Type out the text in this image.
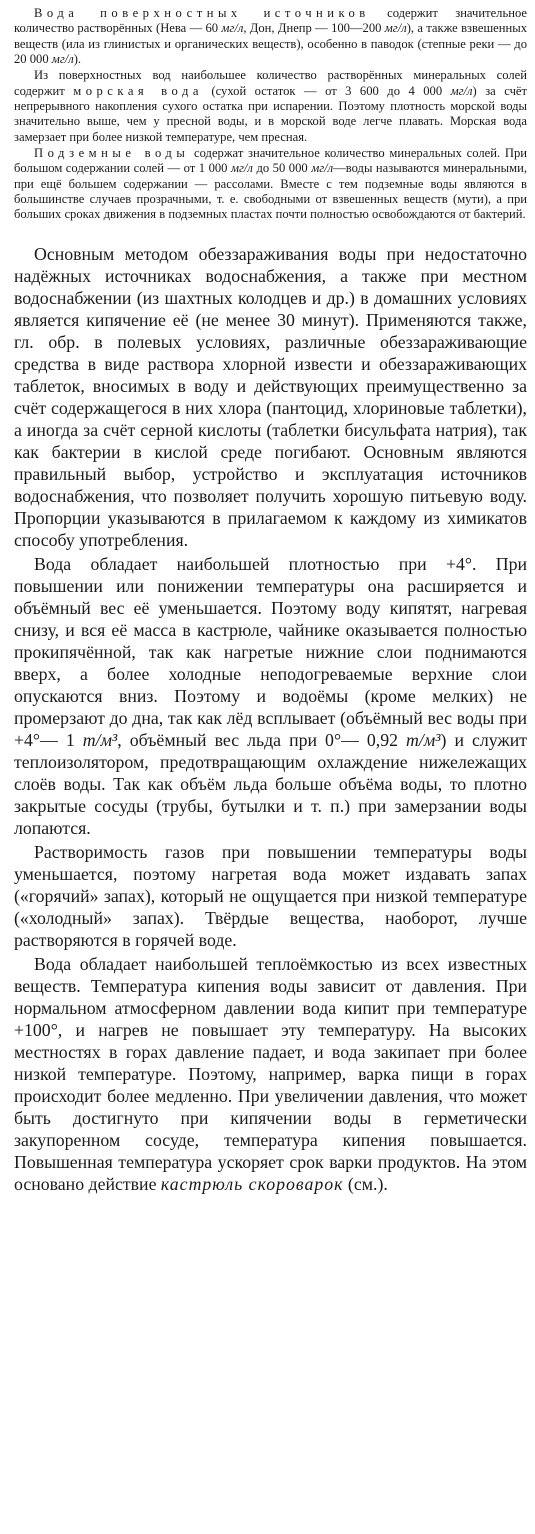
Вода поверхностных источников содержит значительное количество растворённых (Нева — 60 мг/л, Дон, Днепр — 100—200 мг/л), а также взвешенных веществ (ила из глинистых и органических веществ), особенно в паводок (степные реки — до 20 000 мг/л).

Из поверхностных вод наибольшее количество растворённых минеральных солей содержит морская вода (сухой остаток — от 3 600 до 4 000 мг/л) за счёт непрерывного накопления сухого остатка при испарении. Поэтому плотность морской воды значительно выше, чем у пресной воды, и в морской воде легче плавать. Морская вода замерзает при более низкой температуре, чем пресная.

Подземные воды содержат значительное количество минеральных солей. При большом содержании солей — от 1 000 мг/л до 50 000 мг/л—воды называются минеральными, при ещё большем содержании — рассолами. Вместе с тем подземные воды являются в большинстве случаев прозрачными, т. е. свободными от взвешенных веществ (мути), а при больших сроках движения в подземных пластах почти полностью освобождаются от бактерий.

Основным методом обеззараживания воды при недостаточно надёжных источниках водоснабжения, а также при местном водоснабжении (из шахтных колодцев и др.) в домашних условиях является кипячение её (не менее 30 минут). Применяются также, гл. обр. в полевых условиях, различные обеззараживающие средства в виде раствора хлорной извести и обеззараживающих таблеток, вносимых в воду и действующих преимущественно за счёт содержащегося в них хлора (пантоцид, хлориновые таблетки), а иногда за счёт серной кислоты (таблетки бисульфата натрия), так как бактерии в кислой среде погибают. Основным являются правильный выбор, устройство и эксплуатация источников водоснабжения, что позволяет получить хорошую питьевую воду. Пропорции указываются в прилагаемом к каждому из химикатов способу употребления.

Вода обладает наибольшей плотностью при +4°. При повышении или понижении температуры она расширяется и объёмный вес её уменьшается. Поэтому воду кипятят, нагревая снизу, и вся её масса в кастрюле, чайнике оказывается полностью прокипячённой, так как нагретые нижние слои поднимаются вверх, а более холодные неподогреваемые верхние слои опускаются вниз. Поэтому и водоёмы (кроме мелких) не промерзают до дна, так как лёд всплывает (объёмный вес воды при +4°— 1 т/м³, объёмный вес льда при 0°— 0,92 т/м³) и служит теплоизолятором, предотвращающим охлаждение нижележащих слоёв воды. Так как объём льда больше объёма воды, то плотно закрытые сосуды (трубы, бутылки и т. п.) при замерзании воды лопаются.

Растворимость газов при повышении температуры воды уменьшается, поэтому нагретая вода может издавать запах («горячий» запах), который не ощущается при низкой температуре («холодный» запах). Твёрдые вещества, наоборот, лучше растворяются в горячей воде.

Вода обладает наибольшей теплоёмкостью из всех известных веществ. Температура кипения воды зависит от давления. При нормальном атмосферном давлении вода кипит при температуре +100°, и нагрев не повышает эту температуру. На высоких местностях в горах давление падает, и вода закипает при более низкой температуре. Поэтому, например, варка пищи в горах происходит более медленно. При увеличении давления, что может быть достигнуто при кипячении воды в герметически закупоренном сосуде, температура кипения повышается. Повышенная температура ускоряет срок варки продуктов. На этом основано действие кастрюль скороварок (см.).
